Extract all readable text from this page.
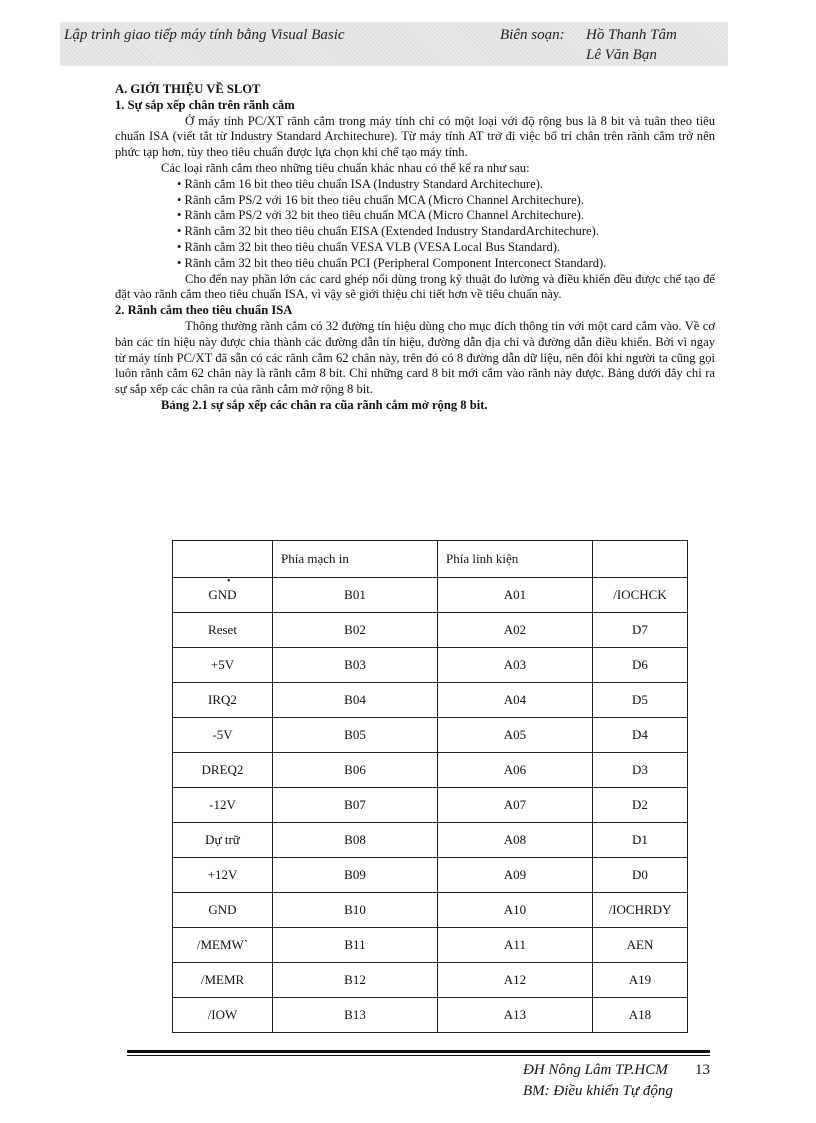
Lập trình giao tiếp máy tính bằng Visual Basic	Biên soạn: Hồ Thanh Tâm
Lê Văn Bạn

A. GIỚI THIỆU VỀ SLOT

1. Sự sắp xếp chân trên rãnh cắm

Ở máy tính PC/XT rãnh cắm trong máy tính chỉ có một loại với độ rộng bus là 8 bit và tuân theo tiêu chuẩn ISA (viết tắt từ Industry Standard Architechure). Từ máy tính AT trở đi việc bố trí chân trên rãnh cắm trở nên phức tạp hơn, tùy theo tiêu chuẩn được lựa chọn khi chế tạo máy tính.

Các loại rãnh cắm theo những tiêu chuẩn khác nhau có thể kể ra như sau:

• Rãnh cắm 16 bit theo tiêu chuẩn ISA (Industry Standard Architechure).

• Rãnh cắm PS/2 với 16 bit theo tiêu chuẩn MCA (Micro Channel Architechure).

• Rãnh cắm PS/2 với 32 bit theo tiêu chuẩn MCA (Micro Channel Architechure).

• Rãnh cắm 32 bit theo tiêu chuẩn EISA (Extended Industry StandardArchitechure).

• Rãnh cắm 32 bit theo tiêu chuẩn VESA VLB (VESA Local Bus Standard).

• Rãnh cắm 32 bit theo tiêu chuẩn PCI (Peripheral Component Interconect Standard).

Cho đến nay phần lớn các card ghép nối dùng trong kỹ thuật đo lường và điều khiển đều được chế tạo để đặt vào rãnh cắm theo tiêu chuẩn ISA, vì vậy sẽ giới thiệu chi tiết hơn về tiêu chuẩn này.

2. Rãnh cắm theo tiêu chuẩn ISA

Thông thường rãnh cắm có 32 đường tín hiệu dùng cho mục đích thông tin với một card cắm vào. Về cơ bản các tín hiệu này được chia thành các đường dẫn tín hiệu, đường dẫn địa chỉ và đường dẫn điều khiển. Bởi vì ngay từ máy tính PC/XT đã sẵn có các rãnh cắm 62 chân này, trên đó có 8 đường dẫn dữ liệu, nên đôi khi người ta cũng gọi luôn rãnh cắm 62 chân này là rãnh cắm 8 bit. Chỉ những card 8 bit mới cắm vào rãnh này được. Bảng dưới đây chỉ ra sự sắp xếp các chân ra của rãnh cắm mở rộng 8 bit.

Bảng 2.1 sự sắp xếp các chân ra cũa rãnh cắm mở rộng 8 bit.

	Phía mạch in	Phía linh kiện	
GND	B01	A01	/IOCHCK
Reset	B02	A02	D7
+5V	B03	A03	D6
IRQ2	B04	A04	D5
-5V	B05	A05	D4
DREQ2	B06	A06	D3
-12V	B07	A07	D2
Dự trữ	B08	A08	D1
+12V	B09	A09	D0
GND	B10	A10	/IOCHRDY
/MEMW`	B11	A11	AEN
/MEMR	B12	A12	A19
/IOW	B13	A13	A18
•
ĐH Nông Lâm TP.HCM 13
BM: Điều khiển Tự động
